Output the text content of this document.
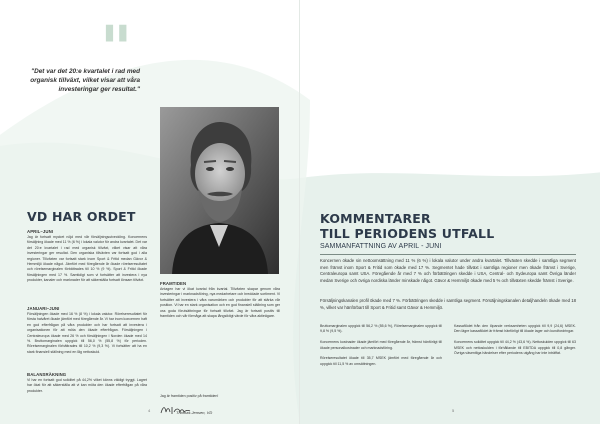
"
"Det var det 20:e kvartalet i rad med organisk tillväxt, vilket visar att våra investeringar ger resultat."
VD HAR ORDET
APRIL–JUNI
Jag är fortsatt mycket nöjd med vår försäljningsutveckling. Koncernens försäljning ökade med 11 % (6 %) i lokala valutor för andra kvartalet. Det var det 20:e kvartalet i rad med organisk tillväxt, vilket visar att våra investeringar ger resultat. Den organiska tillväxten var fortsatt god i alla regioner. Tillväxten var fortsatt stark inom Sport & Fritid medan Gävor & Hemmiljö ökade något. Jämfört med föregående år ökade rörelseresultatet och rörelsemarginalen förbättrades till 10 % (9 %). Sport & Fritid ökade försäljningen med 17 %. Samtidigt som vi fortsätter att investera i nya produkter, kanaler och marknader för att säkerställa fortsatt lönsam tillväxt.
JANUARI–JUNI
Försäljningen ökade med 16 % (8 %) i lokala valutor. Rörelseresultatet för första halvåret ökade jämfört med föregående år. Vi har inom koncernen haft en god efterfrågan på våra produkter och har fortsatt att investera i organisationen för att möta den ökade efterfrågan. Försäljningen i Centraleuropa ökade med 26 % och försäljningen i Norden ökade med 14 %. Bruttomarginalen uppgick till 56,0 % (55,8 %) för perioden. Rörelsemarginalen förbättrades till 10,2 % (9,3 %). Vi fortsätter att ha en stark finansiell ställning med en låg nettoskuld.
BALANSRÄKNING
Vi har en fortsatt god soliditet på 44,2% vilket känns väldigt tryggt. Lagret har ökat för att säkerställa att vi kan möta den ökade efterfrågan på våra produkter.
FRAMTIDEN
Antagen har vi ökat kvartal från kvartal. Tillväxten skapar genom våra investeringar i marknadsföring, nya medarbetare och breddade sortiment. Vi fortsätter att investera i våra varumärken och produkter för att stärka vår position. Vi har en stark organisation och en god finansiell ställning som ger oss goda förutsättningar för fortsatt tillväxt. Jag är fortsatt positiv till framtiden och vår förmåga att skapa långsiktigt värde för våra aktieägare.
Jag är framtiden positiv på framtiden!
Thomas Jensen, VD
4
KOMMENTARER
TILL PERIODENS UTFALL
SAMMANFATTNING AV APRIL - JUNI
Koncernen ökade sin nettoomsättning med 11 % (6 %) i lokala valutor under andra kvartalet. Tillväxten skedde i samtliga segment men främst inom Sport & Fritid som ökade med 17 %. Segmentet hade tillväxt i samtliga regioner men ökade främst i Sverige, Centraleuropa samt USA. Föregående år med 7 % och förbättringen skedde i USA, Central- och Sydeuropa samt Övriga länder medan Sverige och övriga nordiska länder minskade något. Gävor & Hemmiljö ökade med 5 % och tillväxten skedde främst i Sverige.
Försäljningskanalen profil ökade med 7 %. Förbättringen skedde i samtliga segment. Försäljningskanalen detaljhandeln ökade med 18 %, vilket var hänförbart till Sport & Fritid samt Gävor & Hemmiljö.
Bruttomarginalen uppgick till 56,2 % (55,6 %), Rörelsemarginalen uppgick till 9,8 % (9,5 %).

Koncernens kostnader ökade jämfört med föregående år, främst hänförligt till ökade personalkostnader och marknadsföring.

Rörelseresultatet ökade till 35,7 MSEK jämfört med föregående år och uppgick till 11,5 % av omsättningen.
Kassaflödet från den löpande verksamheten uppgick till 9,9 (24,6) MSEK. Den lägre kassaflödet är främst hänförligt till ökade lager och kundfordringar.

Koncernens soliditet uppgick till 44,2 % (43,6 %). Nettoskulden uppgick till 63 MSEK och nettoskulden i förhållande till EBITDA uppgick till 0,8 gånger. Övriga väsentliga händelser efter periodens utgång har inte inträffat.
5
